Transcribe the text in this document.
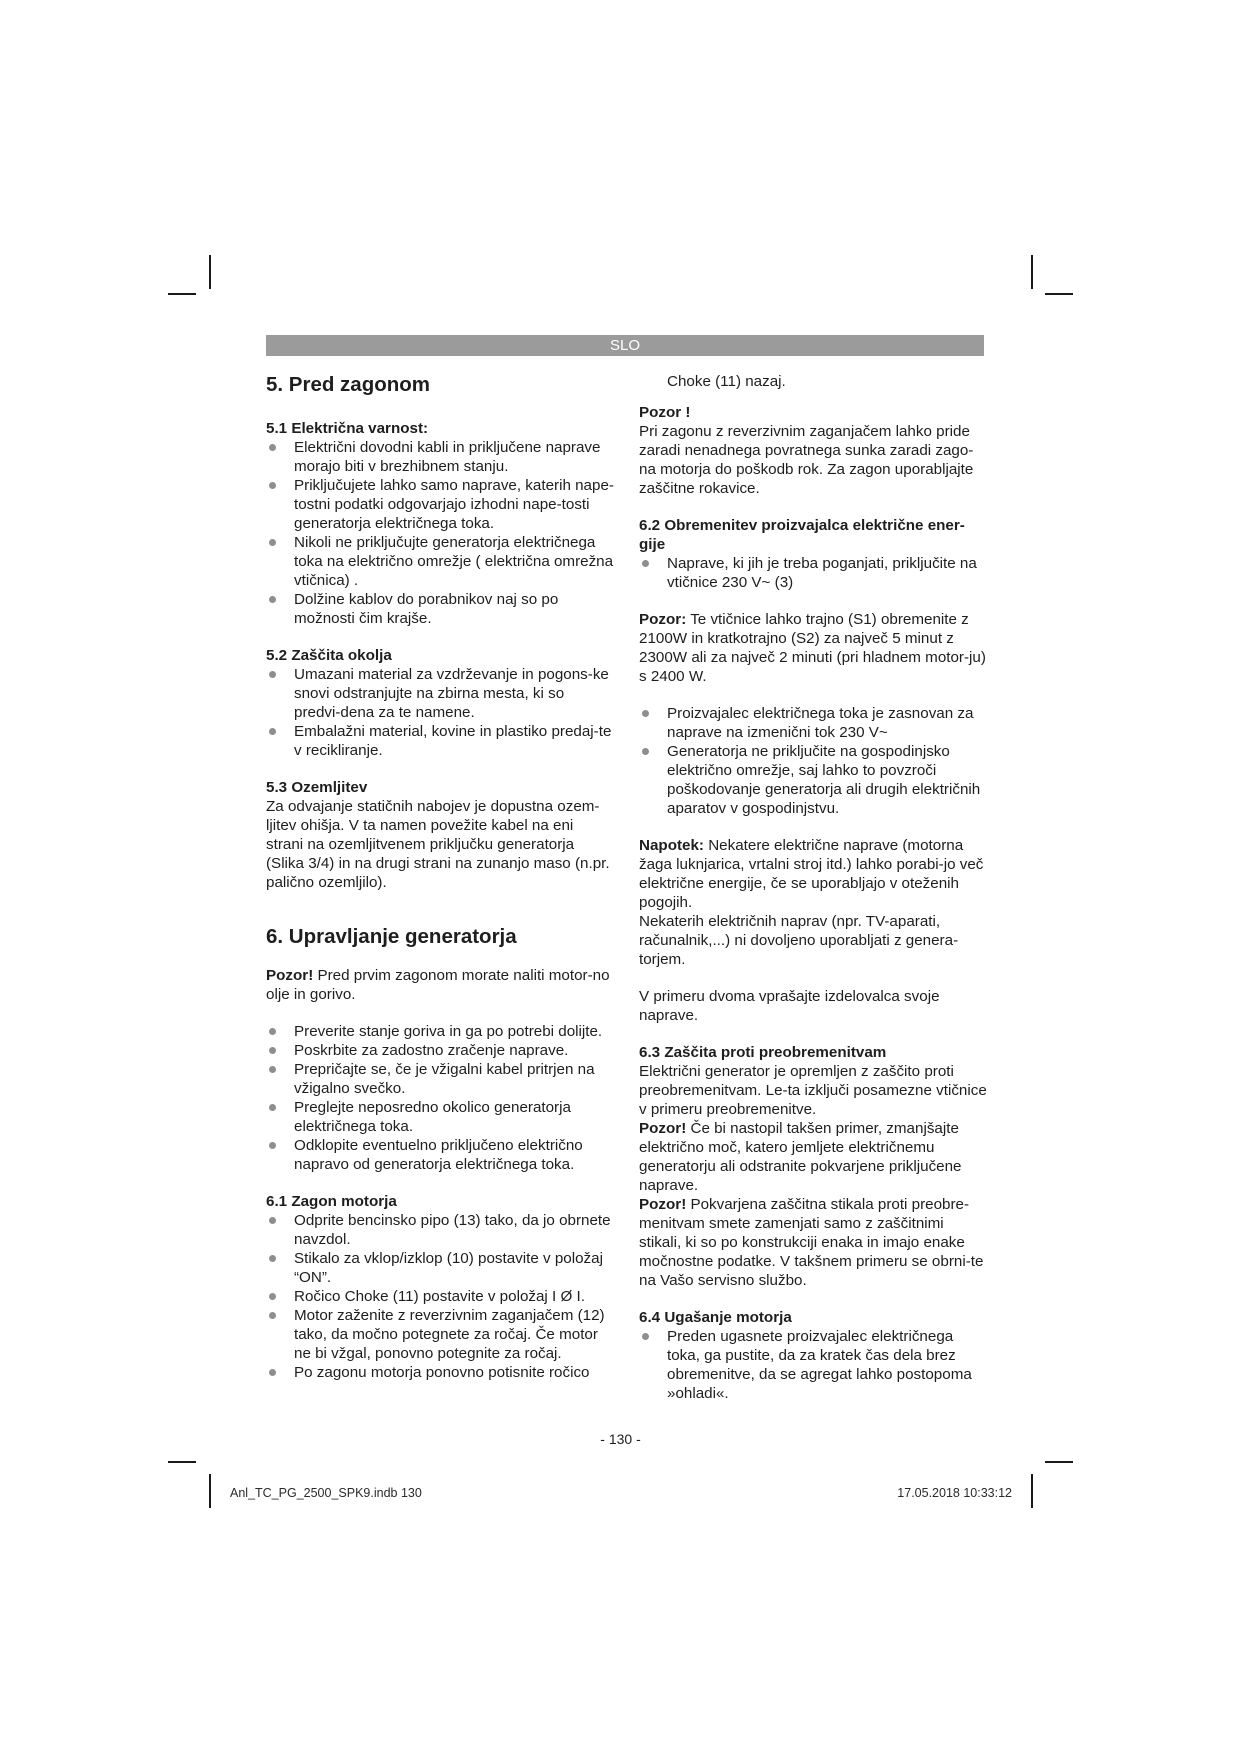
SLO
5. Pred zagonom
5.1 Električna varnost:
Električni dovodni kabli in priključene naprave morajo biti v brezhibnem stanju.
Priključujete lahko samo naprave, katerih nape-tostni podatki odgovarjajo izhodni nape-tosti generatorja električnega toka.
Nikoli ne priključujte generatorja električnega toka na električno omrežje ( električna omrežna vtičnica) .
Dolžine kablov do porabnikov naj so po možnosti čim krajše.
5.2 Zaščita okolja
Umazani material za vzdrževanje in pogons-ke snovi odstranjujte na zbirna mesta, ki so predvi-dena za te namene.
Embalažni material, kovine in plastiko predaj-te v recikliranje.
5.3 Ozemljitev

Za odvajanje statičnih nabojev je dopustna ozem-ljitev ohišja. V ta namen povežite kabel na eni strani na ozemljitvenem priključku generatorja (Slika 3/4) in na drugi strani na zunanjo maso (n.pr. palično ozemljilo).

6. Upravljanje generatorja

Pozor! Pred prvim zagonom morate naliti motor-no olje in gorivo.

Preverite stanje goriva in ga po potrebi dolijte.
Poskrbite za zadostno zračenje naprave.
Prepričajte se, če je vžigalni kabel pritrjen na vžigalno svečko.
Preglejte neposredno okolico generatorja električnega toka.
Odklopite eventuelno priključeno električno napravo od generatorja električnega toka.
6.1 Zagon motorja
Odprite bencinsko pipo (13) tako, da jo obrnete navzdol.
Stikalo za vklop/izklop (10) postavite v položaj “ON”.
Ročico Choke (11) postavite v položaj I Ø I.
Motor zaženite z reverzivnim zaganjačem (12) tako, da močno potegnete za ročaj. Če motor ne bi vžgal, ponovno potegnite za ročaj.
Po zagonu motorja ponovno potisnite ročico

Choke (11) nazaj.

Pozor !

Pri zagonu z reverzivnim zaganjačem lahko pride zaradi nenadnega povratnega sunka zaradi zago-na motorja do poškodb rok. Za zagon uporabljajte zaščitne rokavice.

6.2 Obremenitev proizvajalca električne ener-gije
Naprave, ki jih je treba poganjati, priključite na vtičnice 230 V~ (3)

Pozor: Te vtičnice lahko trajno (S1) obremenite z 2100W in kratkotrajno (S2) za največ 5 minut z 2300W ali za največ 2 minuti (pri hladnem motor-ju) s 2400 W.

Proizvajalec električnega toka je zasnovan za naprave na izmenični tok 230 V~
Generatorja ne priključite na gospodinjsko električno omrežje, saj lahko to povzroči poškodovanje generatorja ali drugih električnih aparatov v gospodinjstvu.

Napotek: Nekatere električne naprave (motorna žaga luknjarica, vrtalni stroj itd.) lahko porabi-jo več električne energije, če se uporabljajo v oteženih pogojih.

Nekaterih električnih naprav (npr. TV-aparati, računalnik,...) ni dovoljeno uporabljati z genera-torjem.

V primeru dvoma vprašajte izdelovalca svoje naprave.

6.3 Zaščita proti preobremenitvam

Električni generator je opremljen z zaščito proti preobremenitvam. Le-ta izključi posamezne vtičnice v primeru preobremenitve.

Pozor! Če bi nastopil takšen primer, zmanjšajte električno moč, katero jemljete električnemu generatorju ali odstranite pokvarjene priključene naprave.

Pozor! Pokvarjena zaščitna stikala proti preobre-menitvam smete zamenjati samo z zaščitnimi stikali, ki so po konstrukciji enaka in imajo enake močnostne podatke. V takšnem primeru se obrni-te na Vašo servisno službo.

6.4 Ugašanje motorja
Preden ugasnete proizvajalec električnega toka, ga pustite, da za kratek čas dela brez obremenitve, da se agregat lahko postopoma »ohladi«.
- 130 -
Anl_TC_PG_2500_SPK9.indb 130	17.05.2018 10:33:12
